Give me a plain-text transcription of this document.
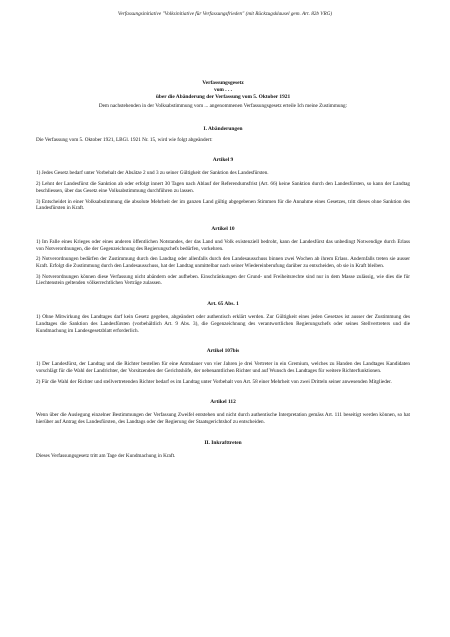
Verfassungsinitiative "Volksinitiative für Verfassungsfrieden" (mit Rückzugsklausel gem. Art. 82b VRG)
Verfassungsgesetz
vom . . .
über die Abänderung der Verfassung vom 5. Oktober 1921

Dem nachstehenden in der Volksabstimmung vom ... angenommenen Verfassungsgesetz erteile Ich meine Zustimmung:

I. Abänderungen

Die Verfassung vom 5. Oktober 1921, LBGl. 1921 Nr. 15, wird wie folgt abgeändert:

Artikel 9

1) Jedes Gesetz bedarf unter Vorbehalt der Absätze 2 und 3 zu seiner Gültigkeit der Sanktion des Landesfürsten.

2) Lehnt der Landesfürst die Sanktion ab oder erfolgt innert 30 Tagen nach Ablauf der Referendumsfrist (Art. 66) keine Sanktion durch den Landesfürsten, so kann der Landtag beschliessen, über das Gesetz eine Volksabstimmung durchführen zu lassen.

3) Entscheidet in einer Volksabstimmung die absolute Mehrheit der im ganzen Land gültig abgegebenen Stimmen für die Annahme eines Gesetzes, tritt dieses ohne Sanktion des Landesfürsten in Kraft.

Artikel 10

1) Im Falle eines Krieges oder eines anderen öffentlichen Notstandes, der das Land und Volk existenziell bedroht, kann der Landesfürst das unbedingt Notwendige durch Erlass von Notverordnungen, die der Gegenzeichnung des Regierungschefs bedürfen, vorkehren.

2) Notverordnungen bedürfen der Zustimmung durch den Landtag oder allenfalls durch den Landesausschuss binnen zwei Wochen ab ihrem Erlass. Andernfalls treten sie ausser Kraft. Erfolgt die Zustimmung durch den Landesausschuss, hat der Landtag unmittelbar nach seiner Wiedereinberufung darüber zu entscheiden, ob sie in Kraft bleiben.

3) Notverordnungen können diese Verfassung nicht abändern oder aufheben. Einschränkungen der Grund- und Freiheitsrechte sind nur in dem Masse zulässig, wie dies die für Liechtenstein geltenden völkerrechtlichen Verträge zulassen.

Art. 65 Abs. 1

1) Ohne Mitwirkung des Landtages darf kein Gesetz gegeben, abgeändert oder authentisch erklärt werden. Zur Gültigkeit eines jeden Gesetzes ist ausser der Zustimmung des Landtages die Sanktion des Landesfürsten (vorbehältlich Art. 9 Abs. 3), die Gegenzeichnung des verantwortlichen Regierungschefs oder seines Stellvertreters und die Kundmachung im Landesgesetzblatt erforderlich.

Artikel 107bis

1) Der Landesfürst, der Landtag und die Richter bestellen für eine Amtsdauer von vier Jahren je drei Vertreter in ein Gremium, welches zu Handen des Landtages Kandidaten vorschlägt für die Wahl der Landrichter, der Vorsitzenden der Gerichtshöfe, der nebenamtlichen Richter und auf Wunsch des Landtages für weitere Richterfunktionen.

2) Für die Wahl der Richter und stellvertretenden Richter bedarf es im Landtag unter Vorbehalt von Art. 58 einer Mehrheit von zwei Dritteln seiner anwesenden Mitglieder.

Artikel 112

Wenn über die Auslegung einzelner Bestimmungen der Verfassung Zweifel entstehen und nicht durch authentische Interpretation gemäss Art. 111 beseitigt werden können, so hat hierüber auf Antrag des Landesfürsten, des Landtags oder der Regierung der Staatsgerichtshof zu entscheiden.

II. Inkrafttreten

Dieses Verfassungsgesetz tritt am Tage der Kundmachung in Kraft.
